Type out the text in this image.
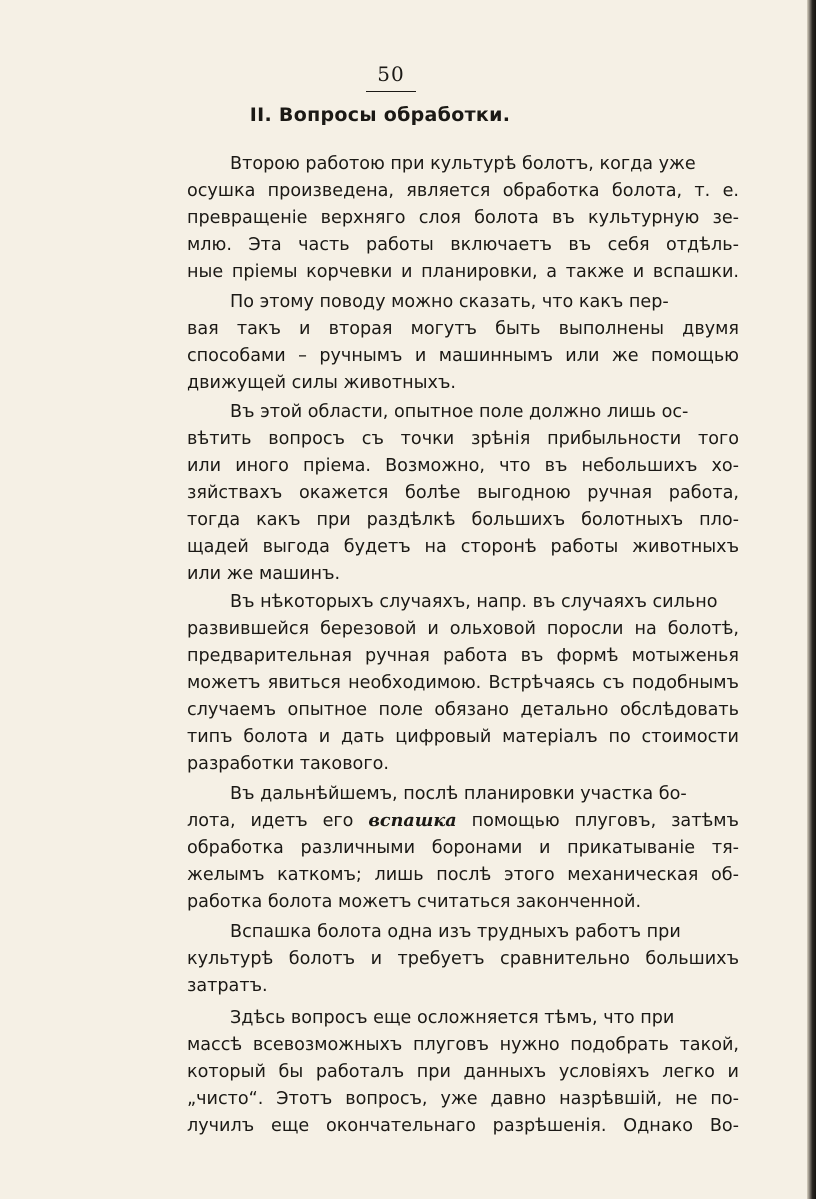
50
II. Вопросы обработки.
Второю работою при культурѣ болотъ, когда уже
осушка произведена, является обработка болота, т. е.
превращеніе верхняго слоя болота въ культурную зе-
млю. Эта часть работы включаетъ въ себя отдѣль-
ные пріемы корчевки и планировки, а также и вспашки.
По этому поводу можно сказать, что какъ пер-
вая такъ и вторая могутъ быть выполнены двумя
способами – ручнымъ и машиннымъ или же помощью
движущей силы животныхъ.
Въ этой области, опытное поле должно лишь ос-
вѣтить вопросъ съ точки зрѣнія прибыльности того
или иного пріема. Возможно, что въ небольшихъ хо-
зяйствахъ окажется болѣе выгодною ручная работа,
тогда какъ при раздѣлкѣ большихъ болотныхъ пло-
щадей выгода будетъ на сторонѣ работы животныхъ
или же машинъ.
Въ нѣкоторыхъ случаяхъ, напр. въ случаяхъ сильно
развившейся березовой и ольховой поросли на болотѣ,
предварительная ручная работа въ формѣ мотыженья
можетъ явиться необходимою. Встрѣчаясь съ подобнымъ
случаемъ опытное поле обязано детально обслѣдовать
типъ болота и дать цифровый матеріалъ по стоимости
разработки такового.
Въ дальнѣйшемъ, послѣ планировки участка бо-
лота, идетъ его вспашка помощью плуговъ, затѣмъ
обработка различными боронами и прикатываніе тя-
желымъ каткомъ; лишь послѣ этого механическая об-
работка болота можетъ считаться законченной.
Вспашка болота одна изъ трудныхъ работъ при
культурѣ болотъ и требуетъ сравнительно большихъ
затратъ.
Здѣсь вопросъ еще осложняется тѣмъ, что при
массѣ всевозможныхъ плуговъ нужно подобрать такой,
который бы работалъ при данныхъ условіяхъ легко и
„чисто“. Этотъ вопросъ, уже давно назрѣвшій, не по-
лучилъ еще окончательнаго разрѣшенія. Однако Во-
